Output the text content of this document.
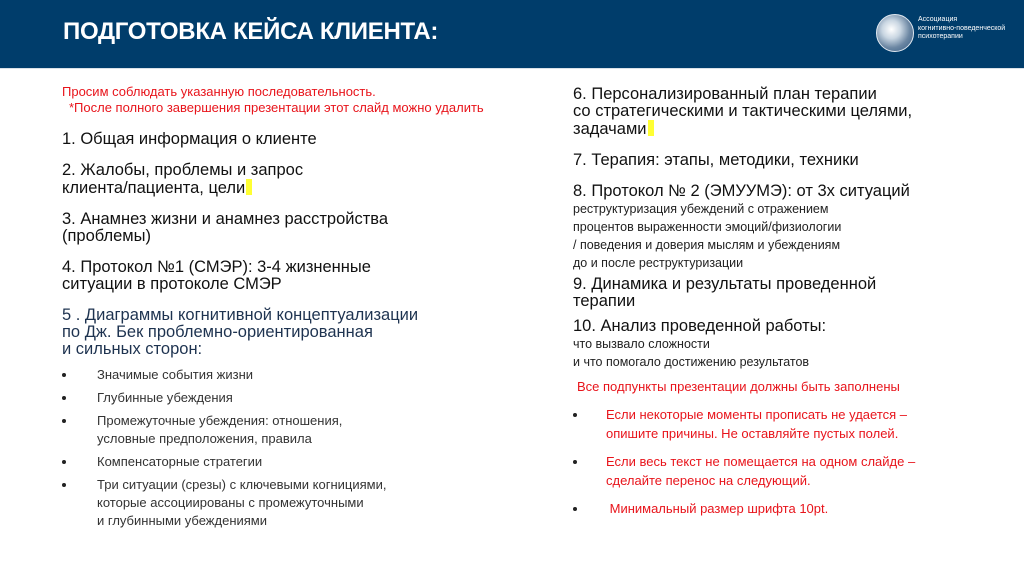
ПОДГОТОВКА КЕЙСА КЛИЕНТА:	Ассоциация
когнитивно-поведенческой
психотерапии
Просим соблюдать указанную последовательность.
*После полного завершения презентации этот слайд можно удалить
1. Общая информация о клиенте
2. Жалобы, проблемы и запрос
клиента/пациента, цели
3. Анамнез жизни и анамнез расстройства
(проблемы)
4. Протокол №1 (СМЭР): 3-4 жизненные
ситуации в протоколе СМЭР
5 . Диаграммы когнитивной концептуализации
по Дж. Бек проблемно-ориентированная
и сильных сторон:
Значимые события жизни
Глубинные убеждения
Промежуточные убеждения: отношения,
условные предположения, правила
Компенсаторные стратегии
Три ситуации (срезы) с ключевыми когнициями,
которые ассоциированы с промежуточными
и глубинными убеждениями
6. Персонализированный план терапии
со стратегическими и тактическими целями,
задачами
7. Терапия: этапы, методики, техники
8. Протокол № 2 (ЭМУУМЭ): от 3х ситуаций
реструктуризация убеждений с отражением
процентов выраженности эмоций/физиологии
/ поведения и доверия мыслям и убеждениям
до и после реструктуризации
9. Динамика и результаты проведенной
терапии
10. Анализ проведенной работы:
что вызвало сложности
и что помогало достижению результатов
Все подпункты презентации должны быть заполнены
Если некоторые моменты прописать не удается –
опишите причины. Не оставляйте пустых полей.
Если весь текст не помещается на одном слайде –
сделайте перенос на следующий.
Минимальный размер шрифта 10pt.
